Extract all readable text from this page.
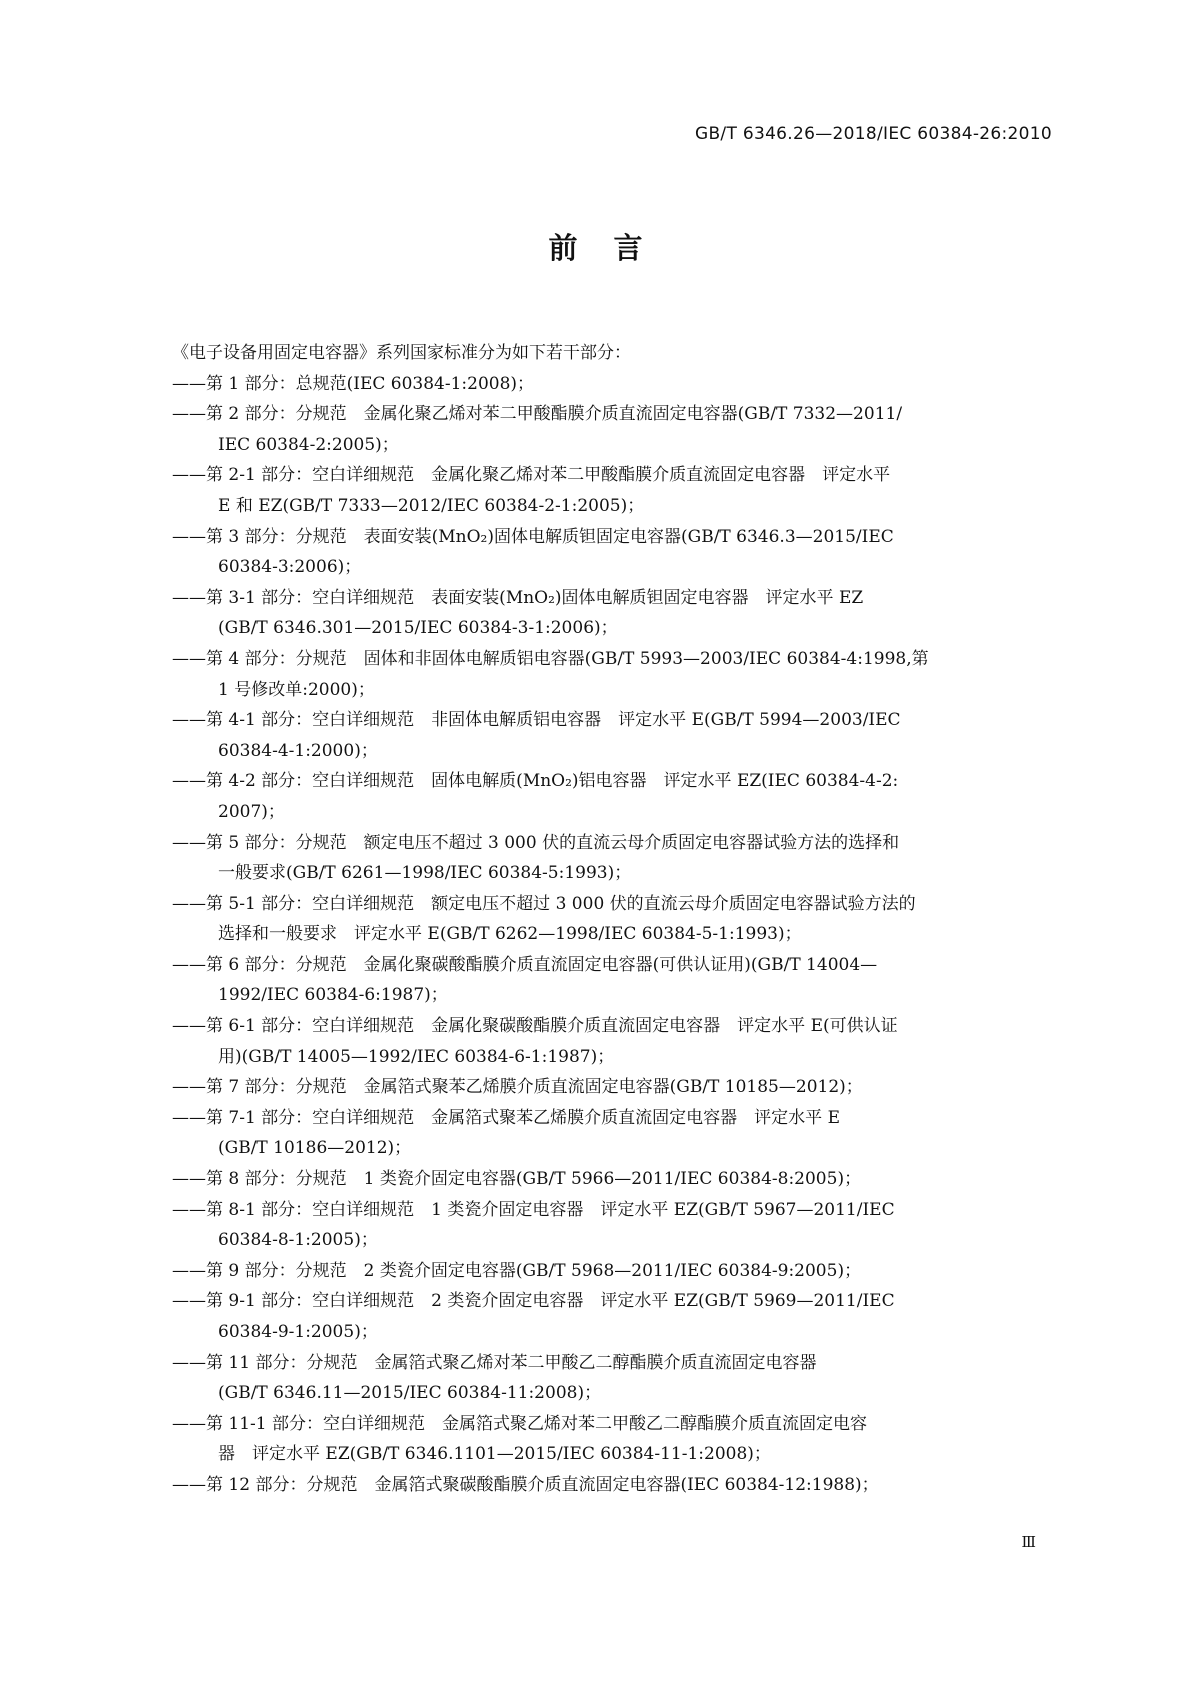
GB/T 6346.26—2018/IEC 60384-26:2010
前言

《电子设备用固定电容器》系列国家标准分为如下若干部分：

——第 1 部分：总规范(IEC 60384-1:2008)；
——第 2 部分：分规范　金属化聚乙烯对苯二甲酸酯膜介质直流固定电容器(GB/T 7332—2011/
IEC 60384-2:2005)；
——第 2-1 部分：空白详细规范　金属化聚乙烯对苯二甲酸酯膜介质直流固定电容器　评定水平
E 和 EZ(GB/T 7333—2012/IEC 60384-2-1:2005)；
——第 3 部分：分规范　表面安装(MnO₂)固体电解质钽固定电容器(GB/T 6346.3—2015/IEC
60384-3:2006)；
——第 3-1 部分：空白详细规范　表面安装(MnO₂)固体电解质钽固定电容器　评定水平 EZ
(GB/T 6346.301—2015/IEC 60384-3-1:2006)；
——第 4 部分：分规范　固体和非固体电解质铝电容器(GB/T 5993—2003/IEC 60384-4:1998,第
1 号修改单:2000)；
——第 4-1 部分：空白详细规范　非固体电解质铝电容器　评定水平 E(GB/T 5994—2003/IEC
60384-4-1:2000)；
——第 4-2 部分：空白详细规范　固体电解质(MnO₂)铝电容器　评定水平 EZ(IEC 60384-4-2:
2007)；
——第 5 部分：分规范　额定电压不超过 3 000 伏的直流云母介质固定电容器试验方法的选择和
一般要求(GB/T 6261—1998/IEC 60384-5:1993)；
——第 5-1 部分：空白详细规范　额定电压不超过 3 000 伏的直流云母介质固定电容器试验方法的
选择和一般要求　评定水平 E(GB/T 6262—1998/IEC 60384-5-1:1993)；
——第 6 部分：分规范　金属化聚碳酸酯膜介质直流固定电容器(可供认证用)(GB/T 14004—
1992/IEC 60384-6:1987)；
——第 6-1 部分：空白详细规范　金属化聚碳酸酯膜介质直流固定电容器　评定水平 E(可供认证
用)(GB/T 14005—1992/IEC 60384-6-1:1987)；
——第 7 部分：分规范　金属箔式聚苯乙烯膜介质直流固定电容器(GB/T 10185—2012)；
——第 7-1 部分：空白详细规范　金属箔式聚苯乙烯膜介质直流固定电容器　评定水平 E
(GB/T 10186—2012)；
——第 8 部分：分规范　1 类瓷介固定电容器(GB/T 5966—2011/IEC 60384-8:2005)；
——第 8-1 部分：空白详细规范　1 类瓷介固定电容器　评定水平 EZ(GB/T 5967—2011/IEC
60384-8-1:2005)；
——第 9 部分：分规范　2 类瓷介固定电容器(GB/T 5968—2011/IEC 60384-9:2005)；
——第 9-1 部分：空白详细规范　2 类瓷介固定电容器　评定水平 EZ(GB/T 5969—2011/IEC
60384-9-1:2005)；
——第 11 部分：分规范　金属箔式聚乙烯对苯二甲酸乙二醇酯膜介质直流固定电容器
(GB/T 6346.11—2015/IEC 60384-11:2008)；
——第 11-1 部分：空白详细规范　金属箔式聚乙烯对苯二甲酸乙二醇酯膜介质直流固定电容
器　评定水平 EZ(GB/T 6346.1101—2015/IEC 60384-11-1:2008)；
——第 12 部分：分规范　金属箔式聚碳酸酯膜介质直流固定电容器(IEC 60384-12:1988)；
Ⅲ
